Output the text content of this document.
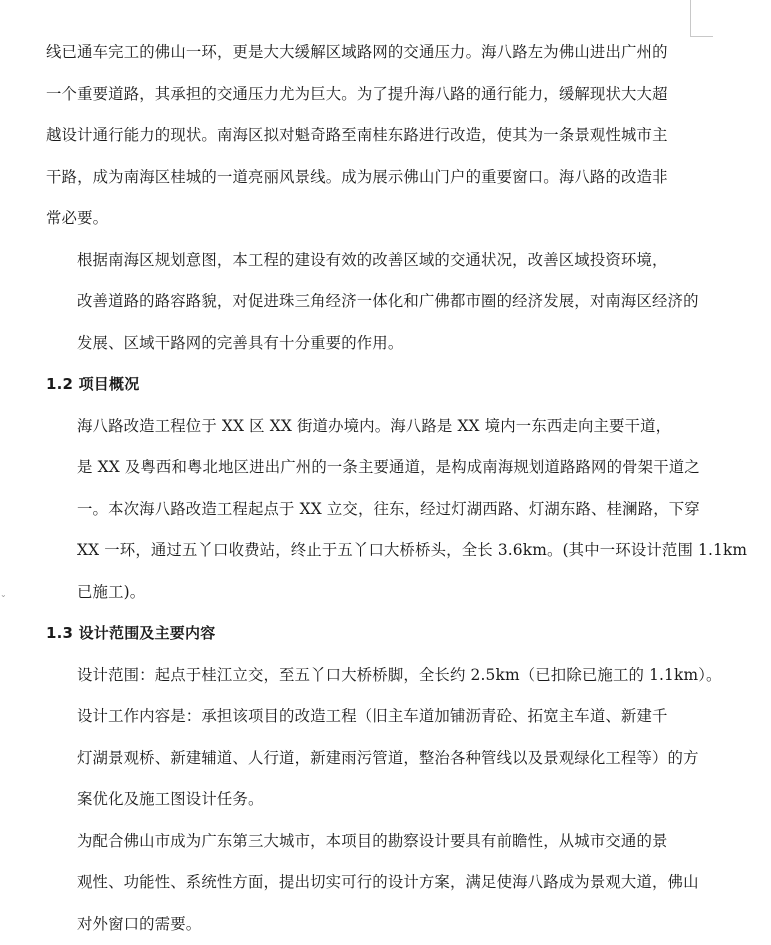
⌄

线已通车完工的佛山一环，更是大大缓解区域路网的交通压力。海八路左为佛山进出广州的
一个重要道路，其承担的交通压力尤为巨大。为了提升海八路的通行能力，缓解现状大大超
越设计通行能力的现状。南海区拟对魁奇路至南桂东路进行改造，使其为一条景观性城市主
干路，成为南海区桂城的一道亮丽风景线。成为展示佛山门户的重要窗口。海八路的改造非
常必要。

根据南海区规划意图，本工程的建设有效的改善区域的交通状况，改善区域投资环境，
改善道路的路容路貌，对促进珠三角经济一体化和广佛都市圈的经济发展，对南海区经济的
发展、区域干路网的完善具有十分重要的作用。

1.2 项目概况

海八路改造工程位于 XX 区 XX 街道办境内。海八路是 XX 境内一东西走向主要干道，
是 XX 及粤西和粤北地区进出广州的一条主要通道，是构成南海规划道路路网的骨架干道之
一。本次海八路改造工程起点于 XX 立交，往东，经过灯湖西路、灯湖东路、桂澜路，下穿
XX 一环，通过五丫口收费站，终止于五丫口大桥桥头，全长 3.6km。(其中一环设计范围 1.1km
已施工)。

1.3 设计范围及主要内容

设计范围：起点于桂江立交，至五丫口大桥桥脚，全长约 2.5km（已扣除已施工的 1.1km）。

设计工作内容是：承担该项目的改造工程（旧主车道加铺沥青砼、拓宽主车道、新建千
灯湖景观桥、新建辅道、人行道，新建雨污管道，整治各种管线以及景观绿化工程等）的方
案优化及施工图设计任务。

为配合佛山市成为广东第三大城市，本项目的勘察设计要具有前瞻性，从城市交通的景
观性、功能性、系统性方面，提出切实可行的设计方案，满足使海八路成为景观大道，佛山
对外窗口的需要。
